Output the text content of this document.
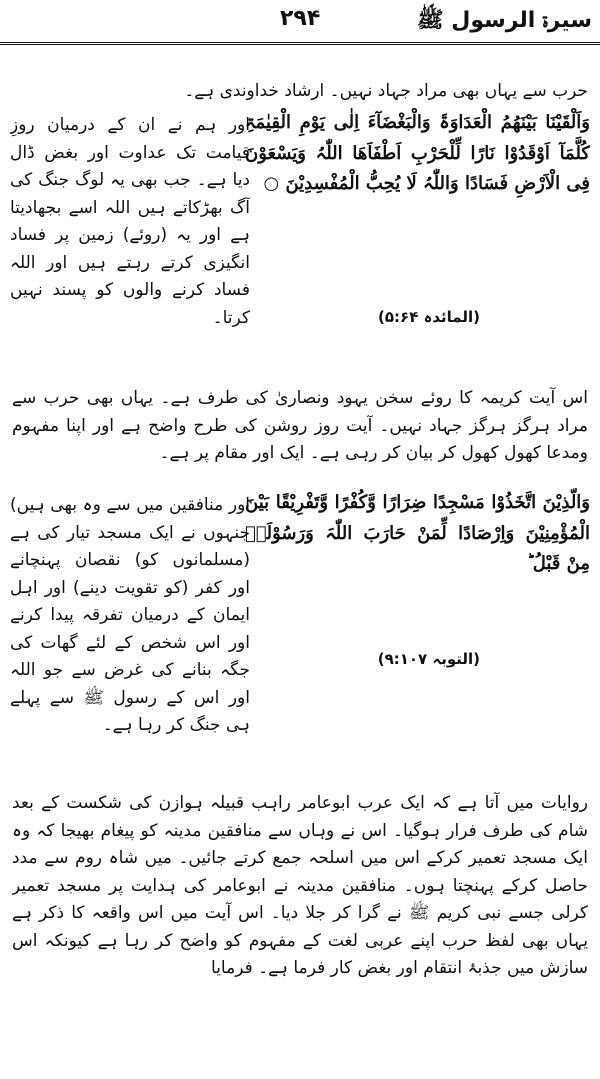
سیرۃ الرسول ﷺ
۲۹۴
حرب سے یہاں بھی مراد جہاد نہیں۔ ارشاد خداوندی ہے۔
وَاَلْقَیْنَا بَیْنَھُمُ الْعَدَاوَۃَ وَالْبَغْضَآءَ اِلٰی یَوْمِ الْقِیٰمَۃِ کُلَّمَآ اَوْقَدُوْا نَارًا لِّلْحَرْبِ اَطْفَاَھَا اللّٰہُ وَیَسْعَوْنَ فِی الْاَرْضِ فَسَادًا وَاللّٰہُ لَا یُحِبُّ الْمُفْسِدِیْنَ ○
(المائدہ ۵:۶۴)
اور ہم نے ان کے درمیان روزِ قیامت تک عداوت اور بغض ڈال دیا ہے۔ جب بھی یہ لوگ جنگ کی آگ بھڑکاتے ہیں اللہ اسے بجھادیتا ہے اور یہ (روئے) زمین پر فساد انگیزی کرتے رہتے ہیں اور اللہ فساد کرنے والوں کو پسند نہیں کرتا۔
اس آیت کریمہ کا روئے سخن یہود ونصاریٰ کی طرف ہے۔ یہاں بھی حرب سے مراد ہرگز ہرگز جہاد نہیں۔ آیت روز روشن کی طرح واضح ہے اور اپنا مفہوم ومدعا کھول کھول کر بیان کر رہی ہے۔ ایک اور مقام پر ہے۔
وَالَّذِیْنَ اتَّخَذُوْا مَسْجِدًا ضِرَارًا وَّکُفْرًا وَّتَفْرِیْقًا بَیْنَ الْمُؤْمِنِیْنَ وَاِرْصَادًا لِّمَنْ حَارَبَ اللّٰہَ وَرَسُوْلَہٗ مِنْ قَبْلُ ؕ
(التوبہ ۹:۱۰۷)
اور منافقین میں سے وہ بھی ہیں) جنہوں نے ایک مسجد تیار کی ہے (مسلمانوں کو) نقصان پہنچانے اور کفر (کو تقویت دینے) اور اہل ایمان کے درمیان تفرقہ پیدا کرنے اور اس شخص کے لئے گھات کی جگہ بنانے کی غرض سے جو اللہ اور اس کے رسول ﷺ سے پہلے ہی جنگ کر رہا ہے۔
روایات میں آتا ہے کہ ایک عرب ابوعامر راہب قبیلہ ہوازن کی شکست کے بعد شام کی طرف فرار ہوگیا۔ اس نے وہاں سے منافقین مدینہ کو پیغام بھیجا کہ وہ ایک مسجد تعمیر کرکے اس میں اسلحہ جمع کرتے جائیں۔ میں شاہ روم سے مدد حاصل کرکے پہنچتا ہوں۔ منافقین مدینہ نے ابوعامر کی ہدایت پر مسجد تعمیر کرلی جسے نبی کریم ﷺ نے گرا کر جلا دیا۔ اس آیت میں اس واقعہ کا ذکر ہے یہاں بھی لفظ حرب اپنے عربی لغت کے مفہوم کو واضح کر رہا ہے کیونکہ اس سازش میں جذبۂ انتقام اور بغض کار فرما ہے۔ فرمایا
